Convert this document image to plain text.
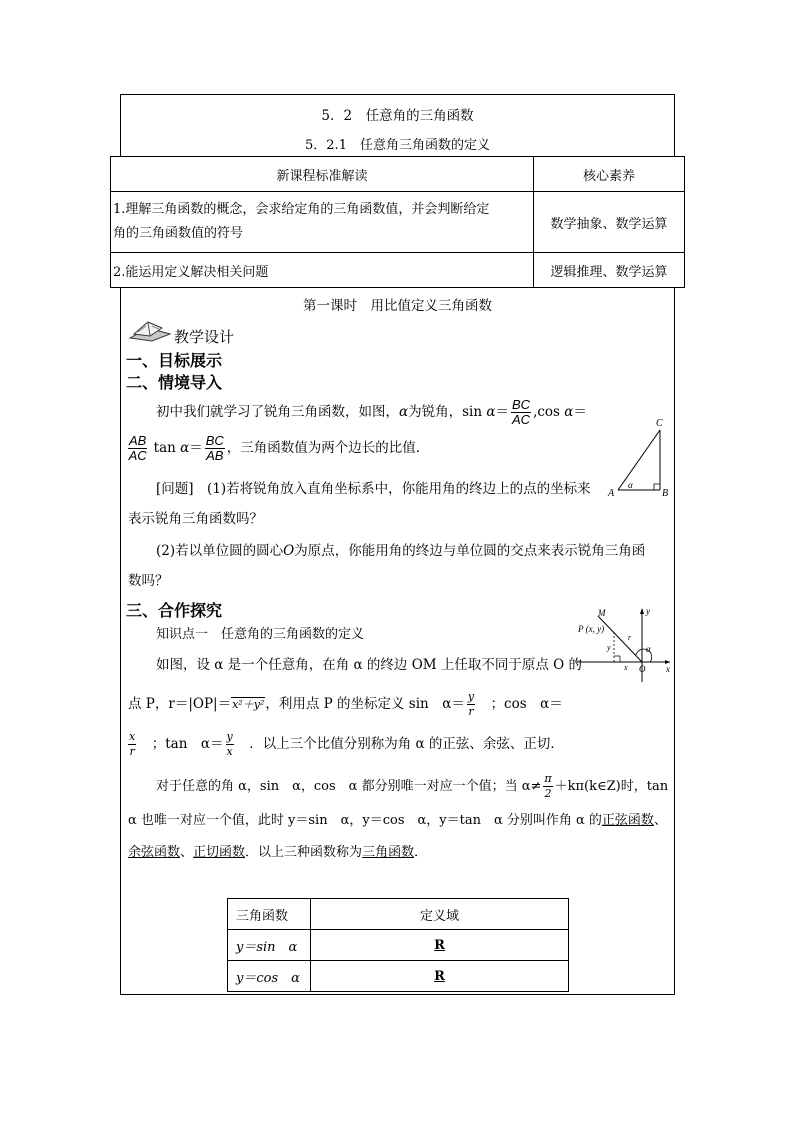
5．2　任意角的三角函数
5．2.1　任意角三角函数的定义
新课程标准解读	核心素养
1.理解三角函数的概念，会求给定角的三角函数值，并会判断给定
角的三角函数值的符号	数学抽象、数学运算
2.能运用定义解决相关问题	逻辑推理、数学运算
第一课时　用比值定义三角函数
教学设计
一、目标展示
二、情境导入
初中我们就学习了锐角三角函数，如图，α为锐角，$\sin \alpha= \frac{BC}{AC} ,\cos$ α＝
$\frac{AB}{AC}$ $\tan \alpha= \frac{BC}{AB}$ ，三角函数值为两个边长的比值．
C
A	B
α
[问题]　 (1)若将锐角放入直角坐标系中，你能用角的终边上的点的坐标来
表示锐角三角函数吗？
(2)若以单位圆的圆心O为原点，你能用角的终边与单位圆的交点来表示锐角三角函
数吗？
三、合作探究
知识点一　任意角的三角函数的定义
M
P (x, y)
y
x
r
α
O
y
x
如图，设 α 是一个任意角，在角 α 的终边 OM 上任取不同于原点 O 的
点 P，r＝|OP|＝x²＋y²，利用点 P 的坐标定义 sin　$\alpha= \frac{y}{r}$
　 ；cos　α＝
$\frac{x}{r}$
　 ；tan　$\alpha= \frac{y}{x}$
　 ．以上三个比值分别称为角 α 的正弦、余弦、正切．
对于任意的角 α，sin　α，cos　α 都分别唯一对应一个值；当 $\alpha\ne \frac{\pi}{2}$ ＋kπ(k∈Z)时，tan
α 也唯一对应一个值，此时 y＝sin　α，y＝cos　α，y＝tan　α 分别叫作角 α 的正弦函数、
余弦函数、正切函数．以上三种函数称为三角函数．
三角函数	定义域
y＝sin　α	R
y＝cos　α	R
